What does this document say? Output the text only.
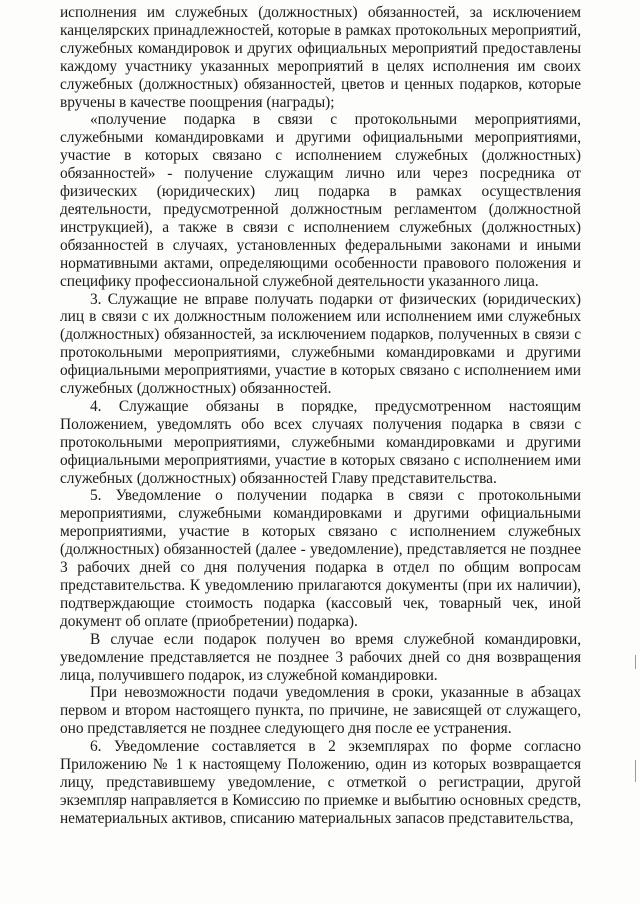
исполнения им служебных (должностных) обязанностей, за исключением канцелярских принадлежностей, которые в рамках протокольных мероприятий, служебных командировок и других официальных мероприятий предоставлены каждому участнику указанных мероприятий в целях исполнения им своих служебных (должностных) обязанностей, цветов и ценных подарков, которые вручены в качестве поощрения (награды);

«получение подарка в связи с протокольными мероприятиями, служебными командировками и другими официальными мероприятиями, участие в которых связано с исполнением служебных (должностных) обязанностей» - получение служащим лично или через посредника от физических (юридических) лиц подарка в рамках осуществления деятельности, предусмотренной должностным регламентом (должностной инструкцией), а также в связи с исполнением служебных (должностных) обязанностей в случаях, установленных федеральными законами и иными нормативными актами, определяющими особенности правового положения и специфику профессиональной служебной деятельности указанного лица.

3. Служащие не вправе получать подарки от физических (юридических) лиц в связи с их должностным положением или исполнением ими служебных (должностных) обязанностей, за исключением подарков, полученных в связи с протокольными мероприятиями, служебными командировками и другими официальными мероприятиями, участие в которых связано с исполнением ими служебных (должностных) обязанностей.

4. Служащие обязаны в порядке, предусмотренном настоящим Положением, уведомлять обо всех случаях получения подарка в связи с протокольными мероприятиями, служебными командировками и другими официальными мероприятиями, участие в которых связано с исполнением ими служебных (должностных) обязанностей Главу представительства.

5. Уведомление о получении подарка в связи с протокольными мероприятиями, служебными командировками и другими официальными мероприятиями, участие в которых связано с исполнением служебных (должностных) обязанностей (далее - уведомление), представляется не позднее 3 рабочих дней со дня получения подарка в отдел по общим вопросам представительства. К уведомлению прилагаются документы (при их наличии), подтверждающие стоимость подарка (кассовый чек, товарный чек, иной документ об оплате (приобретении) подарка).

В случае если подарок получен во время служебной командировки, уведомление представляется не позднее 3 рабочих дней со дня возвращения лица, получившего подарок, из служебной командировки.

При невозможности подачи уведомления в сроки, указанные в абзацах первом и втором настоящего пункта, по причине, не зависящей от служащего, оно представляется не позднее следующего дня после ее устранения.

6. Уведомление составляется в 2 экземплярах по форме согласно Приложению № 1 к настоящему Положению, один из которых возвращается лицу, представившему уведомление, с отметкой о регистрации, другой экземпляр направляется в Комиссию по приемке и выбытию основных средств, нематериальных активов, списанию материальных запасов представительства,
